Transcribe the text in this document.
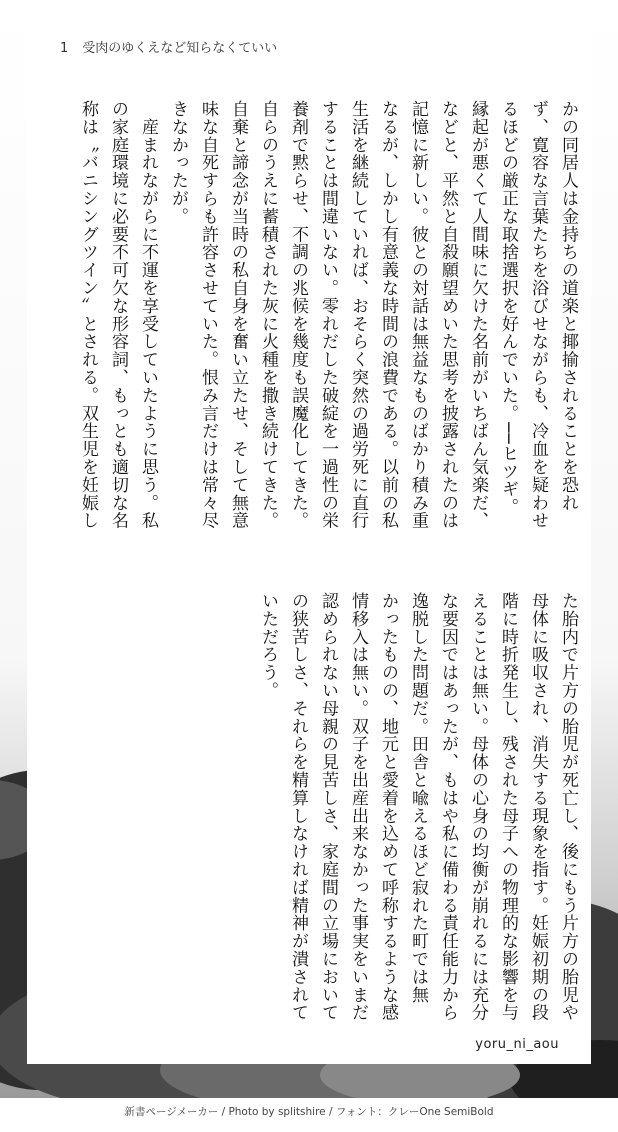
1 受肉のゆくえなど知らなくていい
かの同居人は金持ちの道楽と揶揄されることを恐れ
ず、寛容な言葉たちを浴びせながらも、冷血を疑わせ
るほどの厳正な取捨選択を好んでいた。──ヒツギ。
縁起が悪くて人間味に欠けた名前がいちばん気楽だ、
などと、平然と自殺願望めいた思考を披露されたのは
記憶に新しい。彼との対話は無益なものばかり積み重
なるが、しかし有意義な時間の浪費である。以前の私
生活を継続していれば、おそらく突然の過労死に直行
することは間違いない。零れだした破綻を一過性の栄
養剤で黙らせ、不調の兆候を幾度も誤魔化してきた。
自らのうえに蓄積された灰に火種を撒き続けてきた。
自棄と諦念が当時の私自身を奮い立たせ、そして無意
味な自死すらも許容させていた。恨み言だけは常々尽
きなかったが。
　産まれながらに不運を享受していたように思う。私
の家庭環境に必要不可欠な形容詞、もっとも適切な名
称は〝バニシングツイン〟とされる。双生児を妊娠し
た胎内で片方の胎児が死亡し、後にもう片方の胎児や
母体に吸収され、消失する現象を指す。妊娠初期の段
階に時折発生し、残された母子への物理的な影響を与
えることは無い。母体の心身の均衡が崩れるには充分
な要因ではあったが、もはや私に備わる責任能力から
逸脱した問題だ。田舎と喩えるほど寂れた町では無
かったものの、地元と愛着を込めて呼称するような感
情移入は無い。双子を出産出来なかった事実をいまだ
認められない母親の見苦しさ、家庭間の立場において
の狭苦しさ、それらを精算しなければ精神が潰されて
いただろう。
yoru_ni_aou
新書ページメーカー / Photo by splitshire / フォント：クレーOne SemiBold
